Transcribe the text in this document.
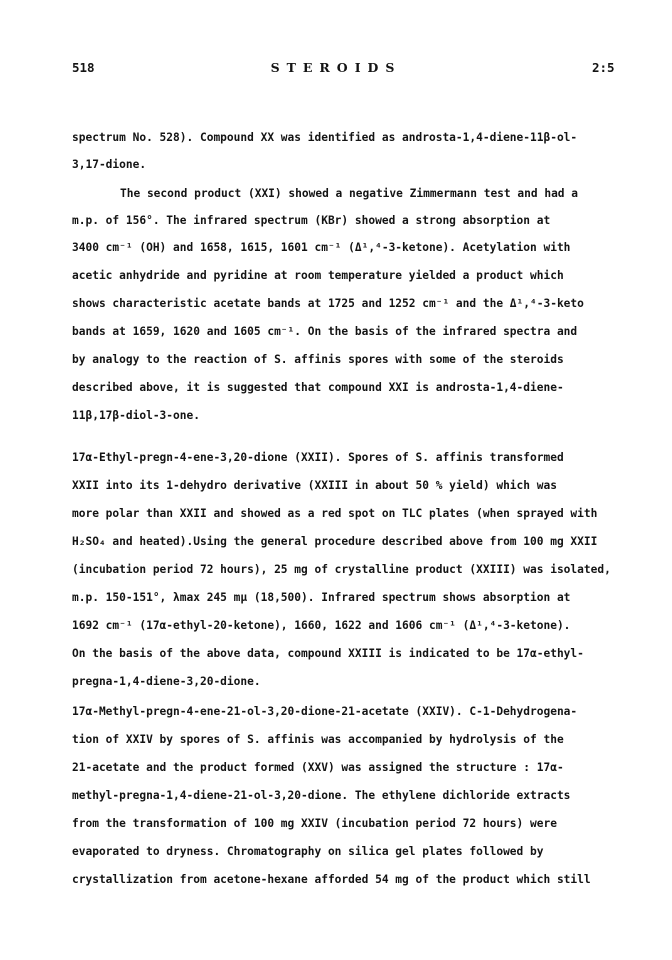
518	STEROIDS	2:5
spectrum No. 528). Compound XX was identified as androsta-1,4-diene-11β-ol-
3,17-dione.
The second product (XXI) showed a negative Zimmermann test and had a
m.p. of 156°. The infrared spectrum (KBr) showed a strong absorption at
3400 cm⁻¹ (OH) and 1658, 1615, 1601 cm⁻¹ (Δ¹,⁴-3-ketone). Acetylation with
acetic anhydride and pyridine at room temperature yielded a product which
shows characteristic acetate bands at 1725 and 1252 cm⁻¹ and the Δ¹,⁴-3-keto
bands at 1659, 1620 and 1605 cm⁻¹. On the basis of the infrared spectra and
by analogy to the reaction of S. affinis spores with some of the steroids
described above, it is suggested that compound XXI is androsta-1,4-diene-
11β,17β-diol-3-one.
17α-Ethyl-pregn-4-ene-3,20-dione (XXII). Spores of S. affinis transformed
XXII into its 1-dehydro derivative (XXIII in about 50 % yield) which was
more polar than XXII and showed as a red spot on TLC plates (when sprayed with
H₂SO₄ and heated).Using the general procedure described above from 100 mg XXII
(incubation period 72 hours), 25 mg of crystalline product (XXIII) was isolated,
m.p. 150-151°, λmax 245 mμ (18,500). Infrared spectrum shows absorption at
1692 cm⁻¹ (17α-ethyl-20-ketone), 1660, 1622 and 1606 cm⁻¹ (Δ¹,⁴-3-ketone).
On the basis of the above data, compound XXIII is indicated to be 17α-ethyl-
pregna-1,4-diene-3,20-dione.
17α-Methyl-pregn-4-ene-21-ol-3,20-dione-21-acetate (XXIV). C-1-Dehydrogena-
tion of XXIV by spores of S. affinis was accompanied by hydrolysis of the
21-acetate and the product formed (XXV) was assigned the structure : 17α-
methyl-pregna-1,4-diene-21-ol-3,20-dione. The ethylene dichloride extracts
from the transformation of 100 mg XXIV (incubation period 72 hours) were
evaporated to dryness. Chromatography on silica gel plates followed by
crystallization from acetone-hexane afforded 54 mg of the product which still
